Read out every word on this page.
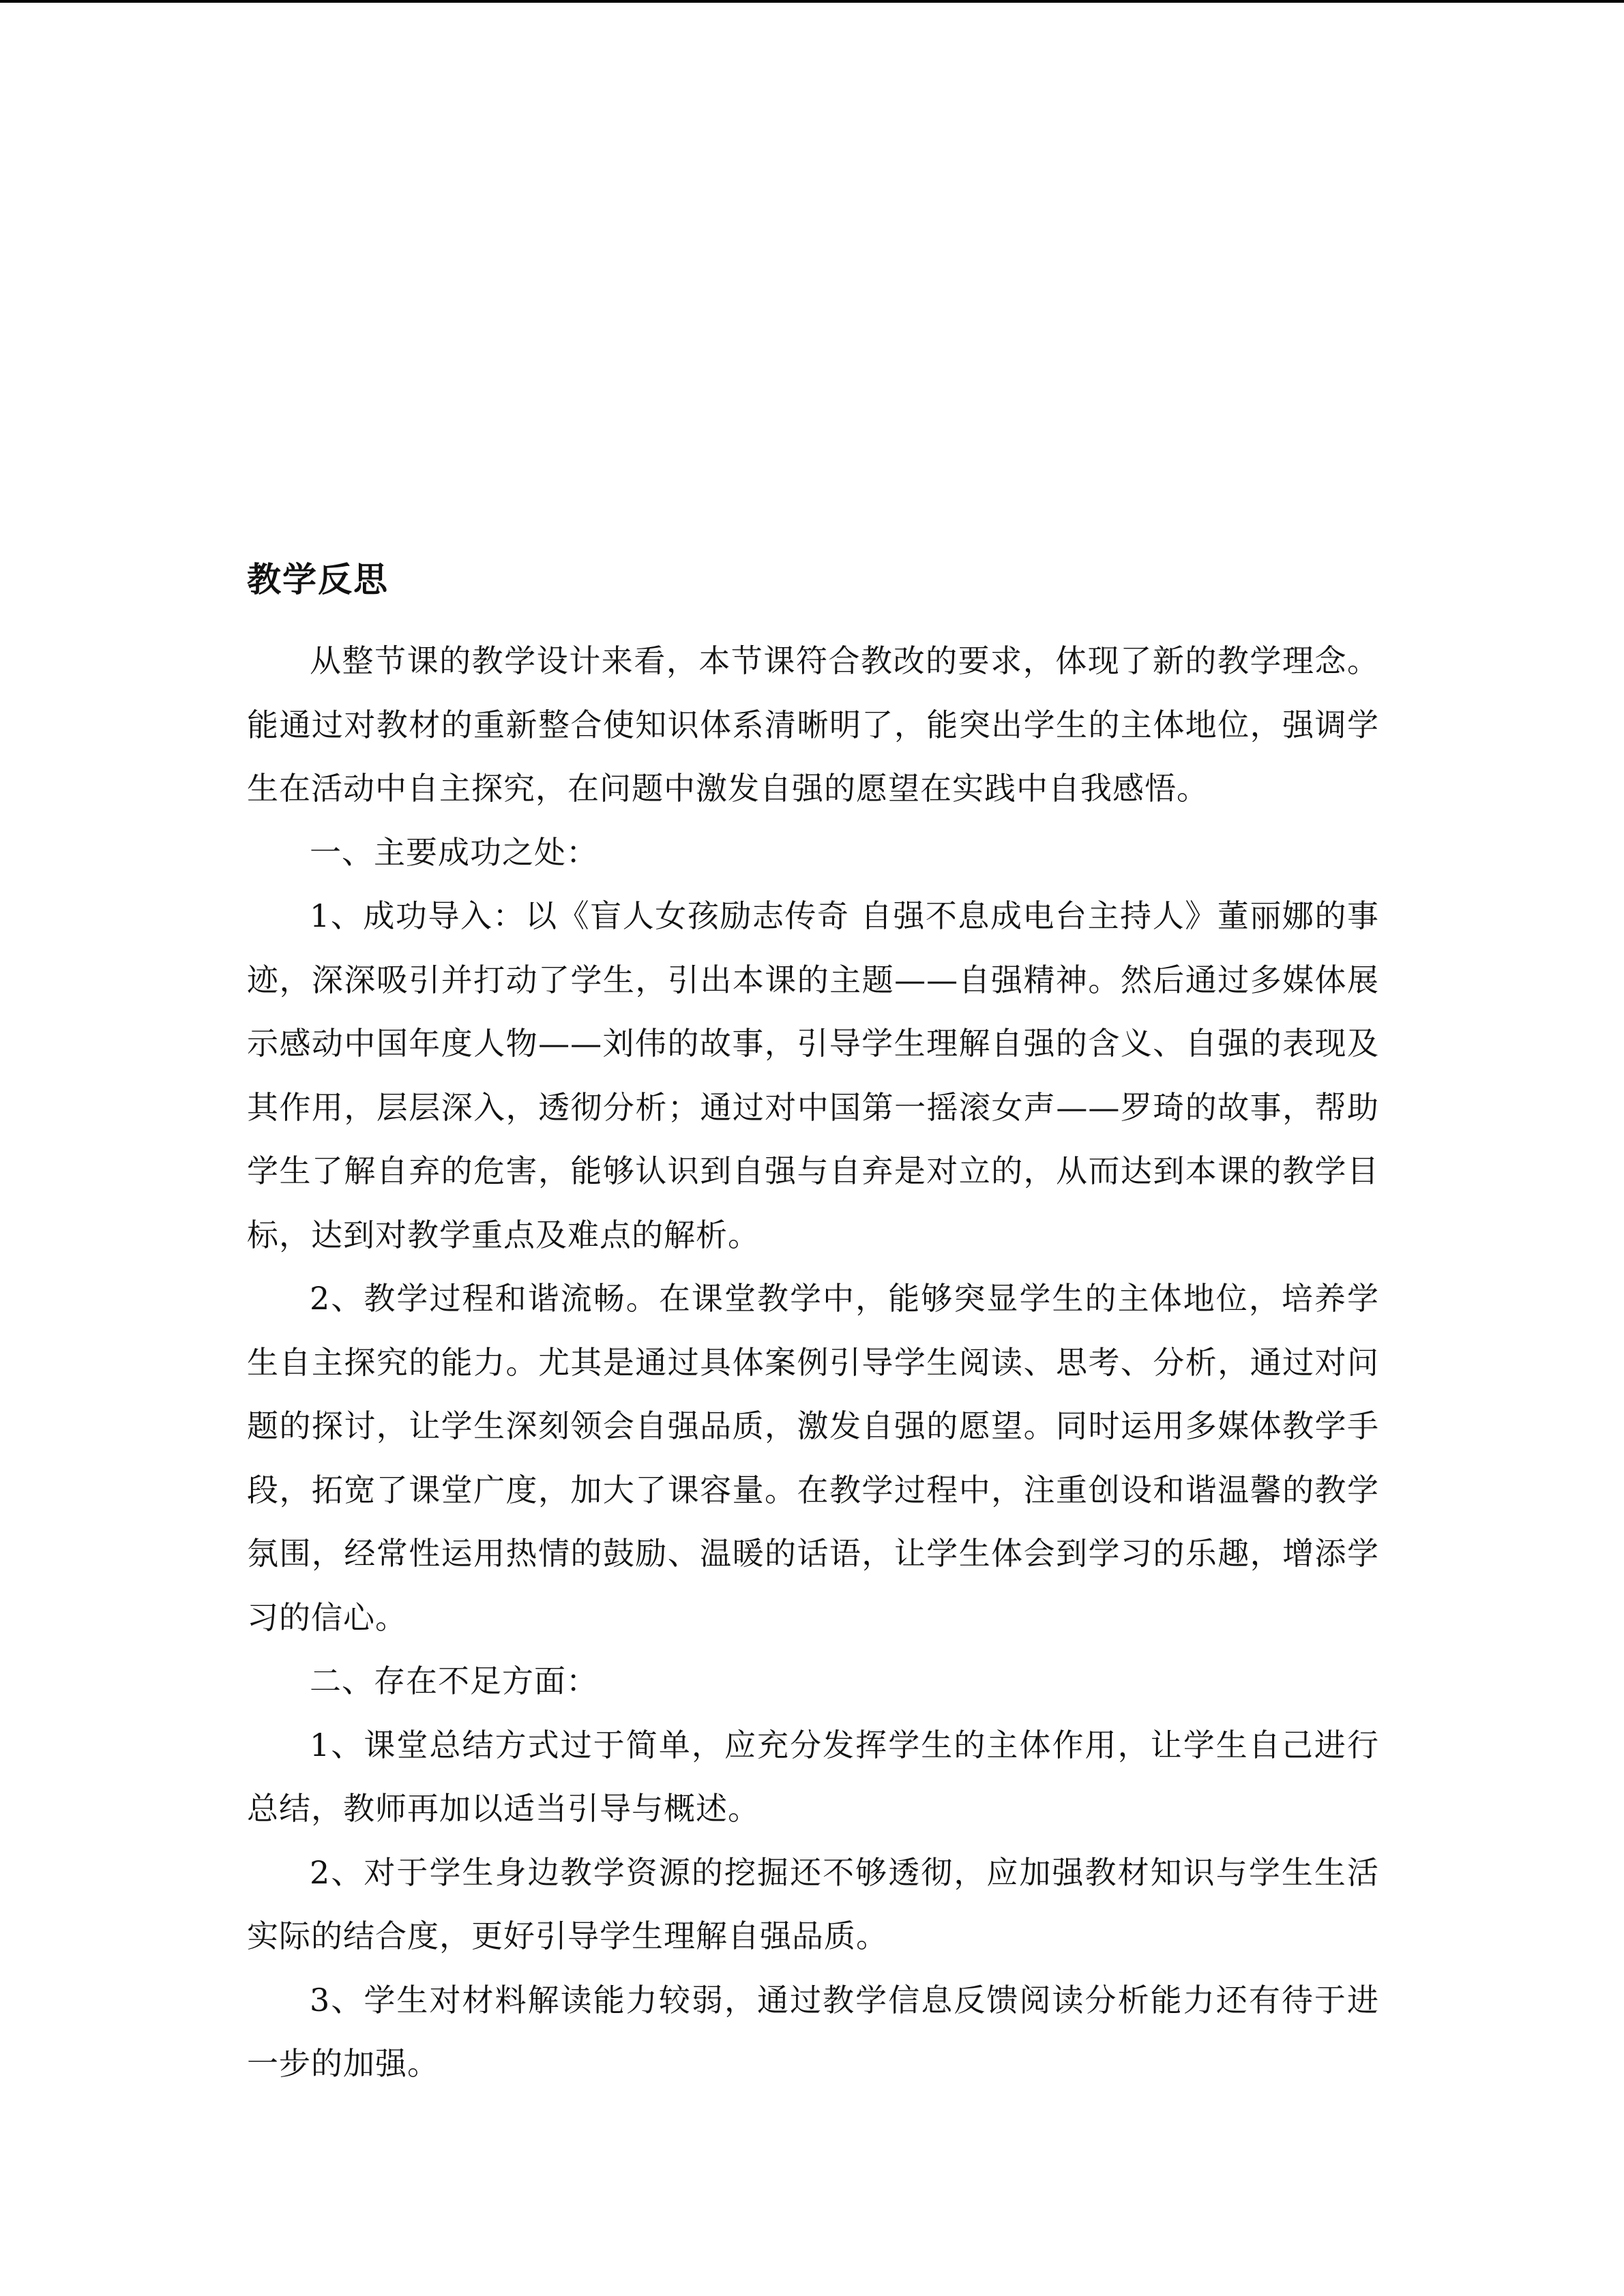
教学反思

从整节课的教学设计来看，本节课符合教改的要求，体现了新的教学理念。能通过对教材的重新整合使知识体系清晰明了，能突出学生的主体地位，强调学生在活动中自主探究，在问题中激发自强的愿望在实践中自我感悟。

一、主要成功之处：

1、成功导入：以《盲人女孩励志传奇 自强不息成电台主持人》董丽娜的事迹，深深吸引并打动了学生，引出本课的主题——自强精神。然后通过多媒体展示感动中国年度人物——刘伟的故事，引导学生理解自强的含义、自强的表现及其作用，层层深入，透彻分析；通过对中国第一摇滚女声——罗琦的故事，帮助学生了解自弃的危害，能够认识到自强与自弃是对立的，从而达到本课的教学目标，达到对教学重点及难点的解析。

2、教学过程和谐流畅。在课堂教学中，能够突显学生的主体地位，培养学生自主探究的能力。尤其是通过具体案例引导学生阅读、思考、分析，通过对问题的探讨，让学生深刻领会自强品质，激发自强的愿望。同时运用多媒体教学手段，拓宽了课堂广度，加大了课容量。在教学过程中，注重创设和谐温馨的教学氛围，经常性运用热情的鼓励、温暖的话语，让学生体会到学习的乐趣，增添学习的信心。

二、存在不足方面：

1、课堂总结方式过于简单，应充分发挥学生的主体作用，让学生自己进行总结，教师再加以适当引导与概述。

2、对于学生身边教学资源的挖掘还不够透彻，应加强教材知识与学生生活实际的结合度，更好引导学生理解自强品质。

3、学生对材料解读能力较弱，通过教学信息反馈阅读分析能力还有待于进一步的加强。
